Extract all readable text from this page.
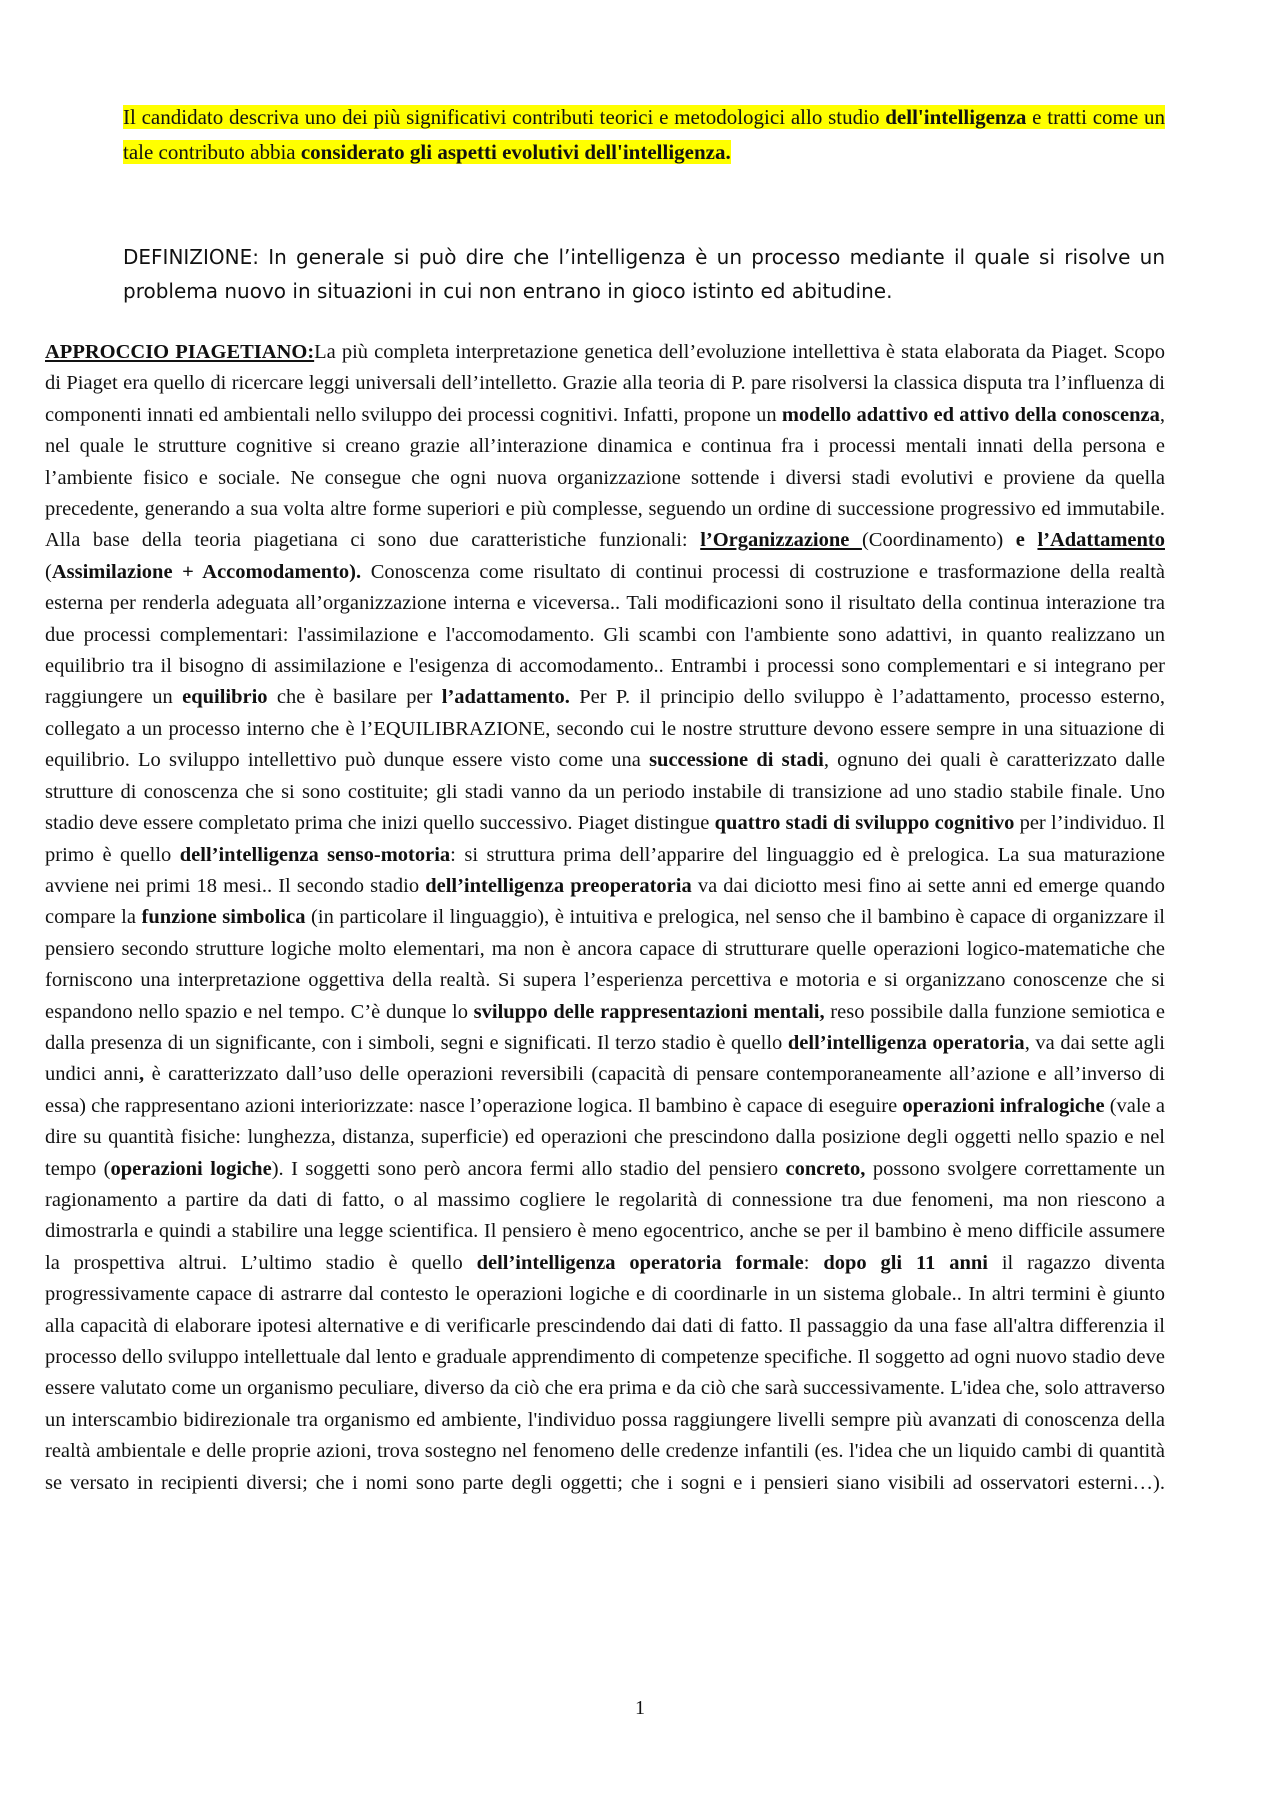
Il candidato descriva uno dei più significativi contributi teorici e metodologici allo studio dell'intelligenza e tratti come un tale contributo abbia considerato gli aspetti evolutivi dell'intelligenza.

DEFINIZIONE: In generale si può dire che l’intelligenza è un processo mediante il quale si risolve un problema nuovo in situazioni in cui non entrano in gioco istinto ed abitudine.

APPROCCIO PIAGETIANO:La più completa interpretazione genetica dell’evoluzione intellettiva è stata elaborata da Piaget. Scopo di Piaget era quello di ricercare leggi universali dell’intelletto. Grazie alla teoria di P. pare risolversi la classica disputa tra l’influenza di componenti innati ed ambientali nello sviluppo dei processi cognitivi. Infatti, propone un modello adattivo ed attivo della conoscenza, nel quale le strutture cognitive si creano grazie all’interazione dinamica e continua fra i processi mentali innati della persona e l’ambiente fisico e sociale. Ne consegue che ogni nuova organizzazione sottende i diversi stadi evolutivi e proviene da quella precedente, generando a sua volta altre forme superiori e più complesse, seguendo un ordine di successione progressivo ed immutabile. Alla base della teoria piagetiana ci sono due caratteristiche funzionali: l’Organizzazione (Coordinamento) e l’Adattamento (Assimilazione + Accomodamento). Conoscenza come risultato di continui processi di costruzione e trasformazione della realtà esterna per renderla adeguata all’organizzazione interna e viceversa.. Tali modificazioni sono il risultato della continua interazione tra due processi complementari: l'assimilazione e l'accomodamento. Gli scambi con l'ambiente sono adattivi, in quanto realizzano un equilibrio tra il bisogno di assimilazione e l'esigenza di accomodamento.. Entrambi i processi sono complementari e si integrano per raggiungere un equilibrio che è basilare per l’adattamento. Per P. il principio dello sviluppo è l’adattamento, processo esterno, collegato a un processo interno che è l’EQUILIBRAZIONE, secondo cui le nostre strutture devono essere sempre in una situazione di equilibrio. Lo sviluppo intellettivo può dunque essere visto come una successione di stadi, ognuno dei quali è caratterizzato dalle strutture di conoscenza che si sono costituite; gli stadi vanno da un periodo instabile di transizione ad uno stadio stabile finale. Uno stadio deve essere completato prima che inizi quello successivo. Piaget distingue quattro stadi di sviluppo cognitivo per l’individuo. Il primo è quello dell’intelligenza senso-motoria: si struttura prima dell’apparire del linguaggio ed è prelogica. La sua maturazione avviene nei primi 18 mesi.. Il secondo stadio dell’intelligenza preoperatoria va dai diciotto mesi fino ai sette anni ed emerge quando compare la funzione simbolica (in particolare il linguaggio), è intuitiva e prelogica, nel senso che il bambino è capace di organizzare il pensiero secondo strutture logiche molto elementari, ma non è ancora capace di strutturare quelle operazioni logico-matematiche che forniscono una interpretazione oggettiva della realtà. Si supera l’esperienza percettiva e motoria e si organizzano conoscenze che si espandono nello spazio e nel tempo. C’è dunque lo sviluppo delle rappresentazioni mentali, reso possibile dalla funzione semiotica e dalla presenza di un significante, con i simboli, segni e significati. Il terzo stadio è quello dell’intelligenza operatoria, va dai sette agli undici anni, è caratterizzato dall’uso delle operazioni reversibili (capacità di pensare contemporaneamente all’azione e all’inverso di essa) che rappresentano azioni interiorizzate: nasce l’operazione logica. Il bambino è capace di eseguire operazioni infralogiche (vale a dire su quantità fisiche: lunghezza, distanza, superficie) ed operazioni che prescindono dalla posizione degli oggetti nello spazio e nel tempo (operazioni logiche). I soggetti sono però ancora fermi allo stadio del pensiero concreto, possono svolgere correttamente un ragionamento a partire da dati di fatto, o al massimo cogliere le regolarità di connessione tra due fenomeni, ma non riescono a dimostrarla e quindi a stabilire una legge scientifica. Il pensiero è meno egocentrico, anche se per il bambino è meno difficile assumere la prospettiva altrui. L’ultimo stadio è quello dell’intelligenza operatoria formale: dopo gli 11 anni il ragazzo diventa progressivamente capace di astrarre dal contesto le operazioni logiche e di coordinarle in un sistema globale.. In altri termini è giunto alla capacità di elaborare ipotesi alternative e di verificarle prescindendo dai dati di fatto. Il passaggio da una fase all'altra differenzia il processo dello sviluppo intellettuale dal lento e graduale apprendimento di competenze specifiche. Il soggetto ad ogni nuovo stadio deve essere valutato come un organismo peculiare, diverso da ciò che era prima e da ciò che sarà successivamente. L'idea che, solo attraverso un interscambio bidirezionale tra organismo ed ambiente, l'individuo possa raggiungere livelli sempre più avanzati di conoscenza della realtà ambientale e delle proprie azioni, trova sostegno nel fenomeno delle credenze infantili (es. l'idea che un liquido cambi di quantità se versato in recipienti diversi; che i nomi sono parte degli oggetti; che i sogni e i pensieri siano visibili ad osservatori esterni…).

1
